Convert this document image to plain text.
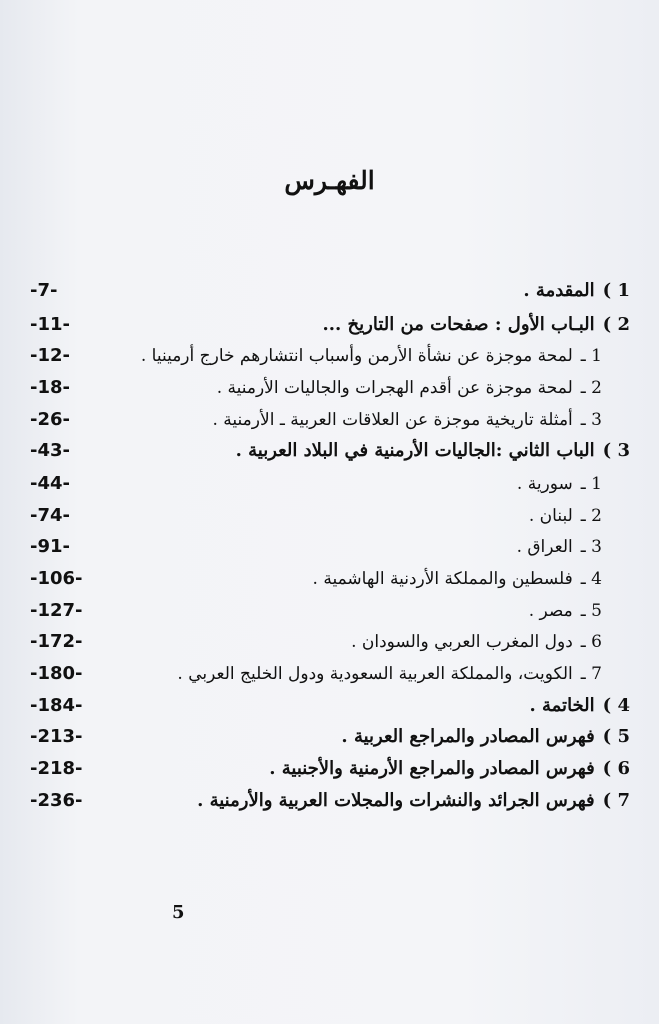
الفهـرس
-7-	1 )المقدمة .
-11-	2 )البـاب الأول : صفحات من التاريخ ...
-12-	1 ـلمحة موجزة عن نشأة الأرمن وأسباب انتشارهم خارج أرمينيا .
-18-	2 ـلمحة موجزة عن أقدم الهجرات والجاليات الأرمنية .
-26-	3 ـأمثلة تاريخية موجزة عن العلاقات العربية ـ الأرمنية .
-43-	3 )الباب الثاني :الجاليات الأرمنية في البلاد العربية .
-44-	1 ـسورية .
-74-	2 ـلبنان .
-91-	3 ـالعراق .
-106-	4 ـفلسطين والمملكة الأردنية الهاشمية .
-127-	5 ـمصر .
-172-	6 ـدول المغرب العربي والسودان .
-180-	7 ـالكويت، والمملكة العربية السعودية ودول الخليج العربي .
-184-	4 )الخاتمة .
-213-	5 )فهرس المصادر والمراجع العربية .
-218-	6 )فهرس المصادر والمراجع الأرمنية والأجنبية .
-236-	7 )فهرس الجرائد والنشرات والمجلات العربية والأرمنية .
5
